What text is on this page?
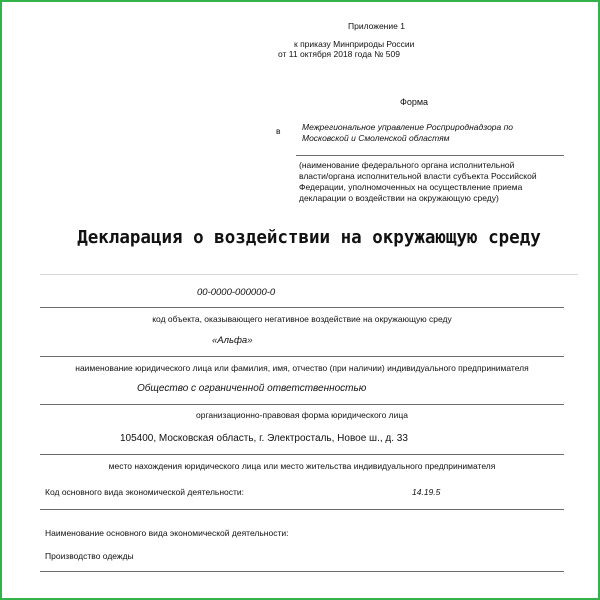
Приложение 1
к приказу Минприроды России
от 11 октября 2018 года № 509
Форма
в	Межрегиональное управление Росприроднадзора по
Московской и Смоленской областям
(наименование федерального органа исполнительной
власти/органа исполнительной власти субъекта Российской
Федерации, уполномоченных на осуществление приема
декларации о воздействии на окружающую среду)
Декларация о воздействии на окружающую среду
00-0000-000000-0
код объекта, оказывающего негативное воздействие на окружающую среду
«Альфа»
наименование юридического лица или фамилия, имя, отчество (при наличии) индивидуального предпринимателя
Общество с ограниченной ответственностью
организационно-правовая форма юридического лица
105400, Московская область, г. Электросталь, Новое ш., д. 33
место нахождения юридического лица или место жительства индивидуального предпринимателя
Код основного вида экономической деятельности:	14.19.5
Наименование основного вида экономической деятельности:
Производство одежды
